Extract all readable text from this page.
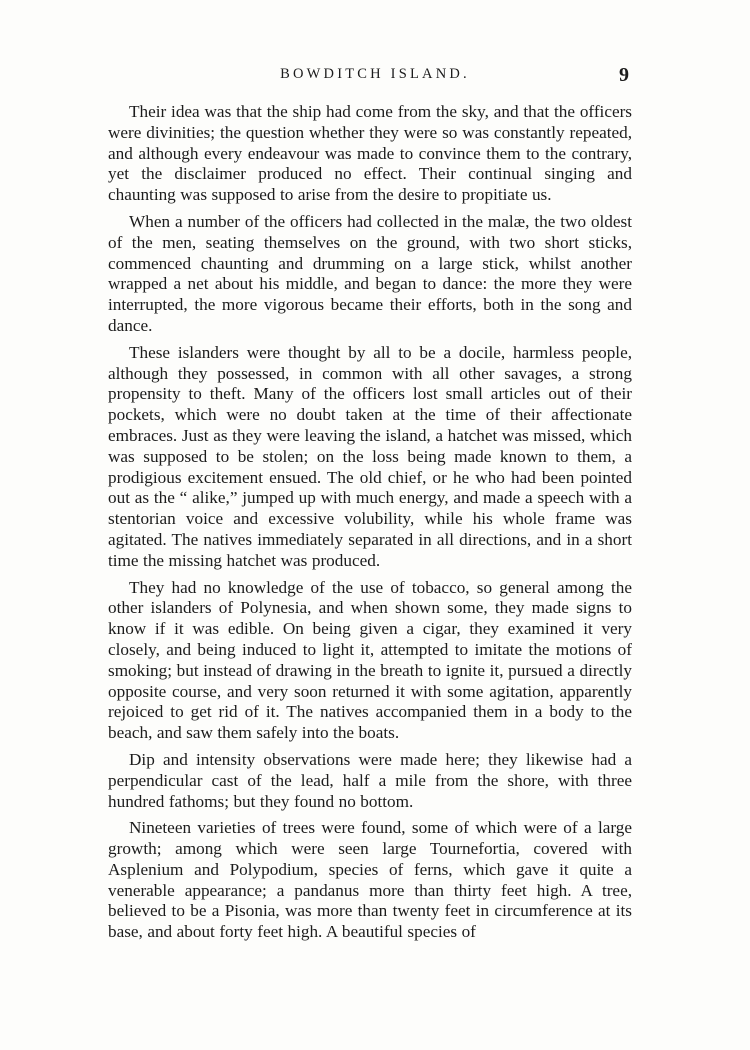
BOWDITCH ISLAND.	9

Their idea was that the ship had come from the sky, and that the officers were divinities; the question whether they were so was constantly repeated, and although every endeavour was made to convince them to the contrary, yet the disclaimer produced no effect. Their continual singing and chaunting was supposed to arise from the desire to propitiate us.

When a number of the officers had collected in the malæ, the two oldest of the men, seating themselves on the ground, with two short sticks, commenced chaunting and drumming on a large stick, whilst another wrapped a net about his middle, and began to dance: the more they were interrupted, the more vigorous became their efforts, both in the song and dance.

These islanders were thought by all to be a docile, harmless people, although they possessed, in common with all other savages, a strong propensity to theft. Many of the officers lost small articles out of their pockets, which were no doubt taken at the time of their affectionate embraces. Just as they were leaving the island, a hatchet was missed, which was supposed to be stolen; on the loss being made known to them, a prodigious excitement ensued. The old chief, or he who had been pointed out as the “ alike,” jumped up with much energy, and made a speech with a stentorian voice and excessive volubility, while his whole frame was agitated. The natives immediately separated in all directions, and in a short time the missing hatchet was produced.

They had no knowledge of the use of tobacco, so general among the other islanders of Polynesia, and when shown some, they made signs to know if it was edible. On being given a cigar, they examined it very closely, and being induced to light it, attempted to imitate the motions of smoking; but instead of drawing in the breath to ignite it, pursued a directly opposite course, and very soon returned it with some agitation, apparently rejoiced to get rid of it. The natives accompanied them in a body to the beach, and saw them safely into the boats.

Dip and intensity observations were made here; they likewise had a perpendicular cast of the lead, half a mile from the shore, with three hundred fathoms; but they found no bottom.

Nineteen varieties of trees were found, some of which were of a large growth; among which were seen large Tournefortia, covered with Asplenium and Polypodium, species of ferns, which gave it quite a venerable appearance; a pandanus more than thirty feet high. A tree, believed to be a Pisonia, was more than twenty feet in circumference at its base, and about forty feet high. A beautiful species of
